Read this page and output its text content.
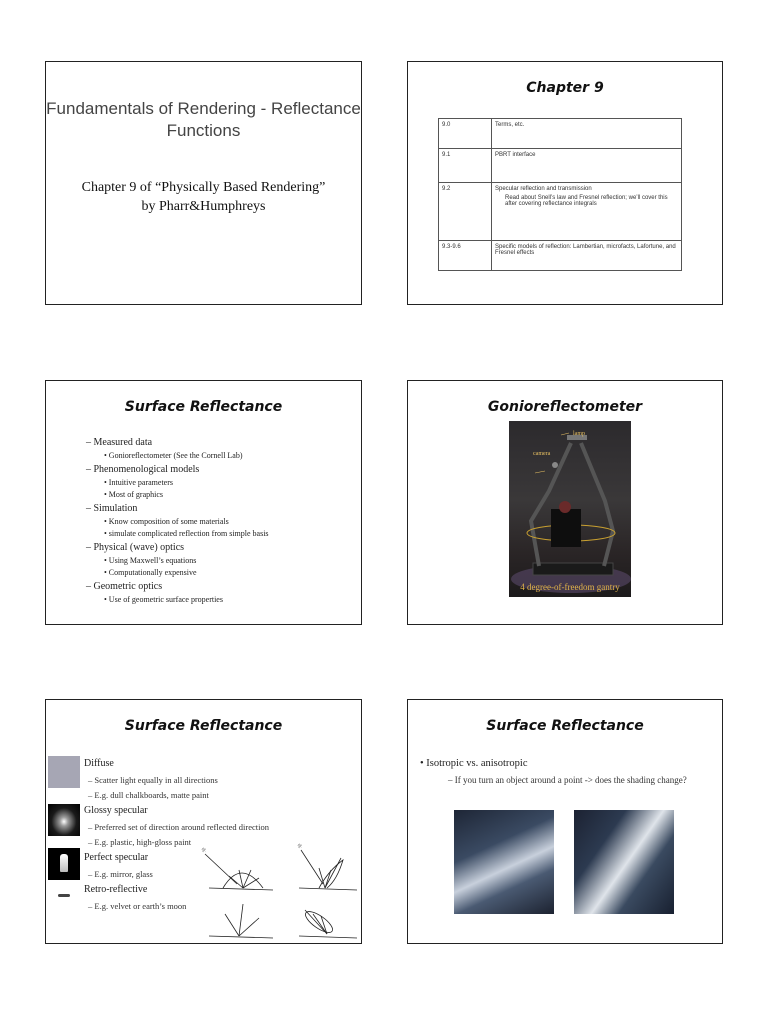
Fundamentals of Rendering - Reflectance Functions
Chapter 9 of “Physically Based Rendering”
by Pharr&Humphreys
Chapter 9
9.0	Terms, etc.
9.1	PBRT interface
9.2	Specular reflection and transmission
Read about Snell’s law and Fresnel reflection; we’ll cover this after covering reflectance integrals

9.3-9.6	Specific models of reflection: Lambertian, microfacts, Lafortune, and Fresnel effects
Surface Reflectance
– Measured data
• Gonioreflectometer (See the Cornell Lab)
– Phenomenological models
• Intuitive parameters
• Most of graphics
– Simulation
• Know composition of some materials
• simulate complicated reflection from simple basis
– Physical (wave) optics
• Using Maxwell’s equations
• Computationally expensive
– Geometric optics
• Use of geometric surface properties
Gonioreflectometer
lamp
camera
4 degree-of-freedom gantry
Surface Reflectance
Diffuse
– Scatter light equally in all directions
– E.g. dull chalkboards, matte paint
Glossy specular
– Preferred set of direction around reflected direction
– E.g. plastic, high-gloss paint
Perfect specular
– E.g. mirror, glass
Retro-reflective
– E.g. velvet or earth’s moon
☼
☼
Surface Reflectance
• Isotropic vs. anisotropic
– If you turn an object around a point -> does the shading change?
